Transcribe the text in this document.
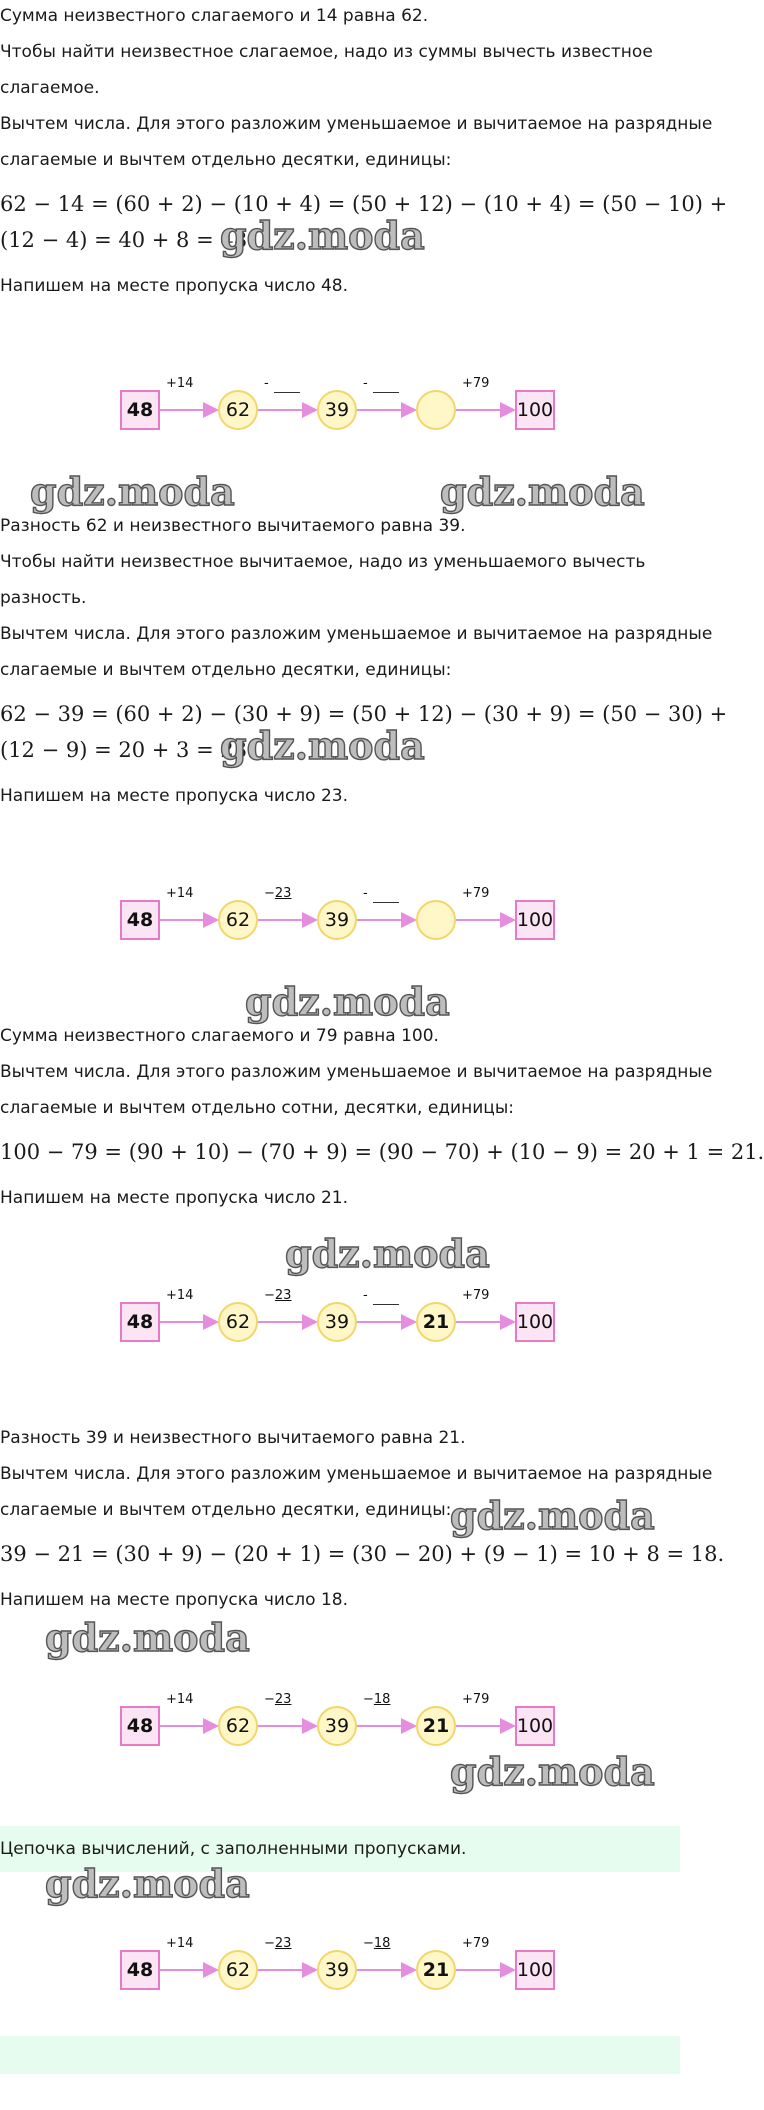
Сумма неизвестного слагаемого и 14 равна 62.

Чтобы найти неизвестное слагаемое, надо из суммы вычесть известное

слагаемое.

Вычтем числа. Для этого разложим уменьшаемое и вычитаемое на разрядные

слагаемые и вычтем отдельно десятки, единицы:

62 − 14 = (60 + 2) − (10 + 4) = (50 + 12) − (10 + 4) = (50 − 10) +

(12 − 4) = 40 + 8 = 48.

gdz.moda

Напишем на месте пропуска число 48.

48	62	39	100
+14	-	-	+79
gdz.moda	gdz.moda

Разность 62 и неизвестного вычитаемого равна 39.

Чтобы найти неизвестное вычитаемое, надо из уменьшаемого вычесть

разность.

Вычтем числа. Для этого разложим уменьшаемое и вычитаемое на разрядные

слагаемые и вычтем отдельно десятки, единицы:

62 − 39 = (60 + 2) − (30 + 9) = (50 + 12) − (30 + 9) = (50 − 30) +

(12 − 9) = 20 + 3 = 23.

gdz.moda

Напишем на месте пропуска число 23.

48	62	39	100
+14	−23	-	+79
gdz.moda

Сумма неизвестного слагаемого и 79 равна 100.

Вычтем числа. Для этого разложим уменьшаемое и вычитаемое на разрядные

слагаемые и вычтем отдельно сотни, десятки, единицы:

100 − 79 = (90 + 10) − (70 + 9) = (90 − 70) + (10 − 9) = 20 + 1 = 21.

Напишем на месте пропуска число 21.

gdz.moda
48	62	39	21	100
+14	−23	-	+79

Разность 39 и неизвестного вычитаемого равна 21.

Вычтем числа. Для этого разложим уменьшаемое и вычитаемое на разрядные

слагаемые и вычтем отдельно десятки, единицы:

gdz.moda

39 − 21 = (30 + 9) − (20 + 1) = (30 − 20) + (9 − 1) = 10 + 8 = 18.

Напишем на месте пропуска число 18.

gdz.moda
48	62	39	21	100
+14	−23	−18	+79
gdz.moda

Цепочка вычислений, с заполненными пропусками.

gdz.moda
48	62	39	21	100
+14	−23	−18	+79
